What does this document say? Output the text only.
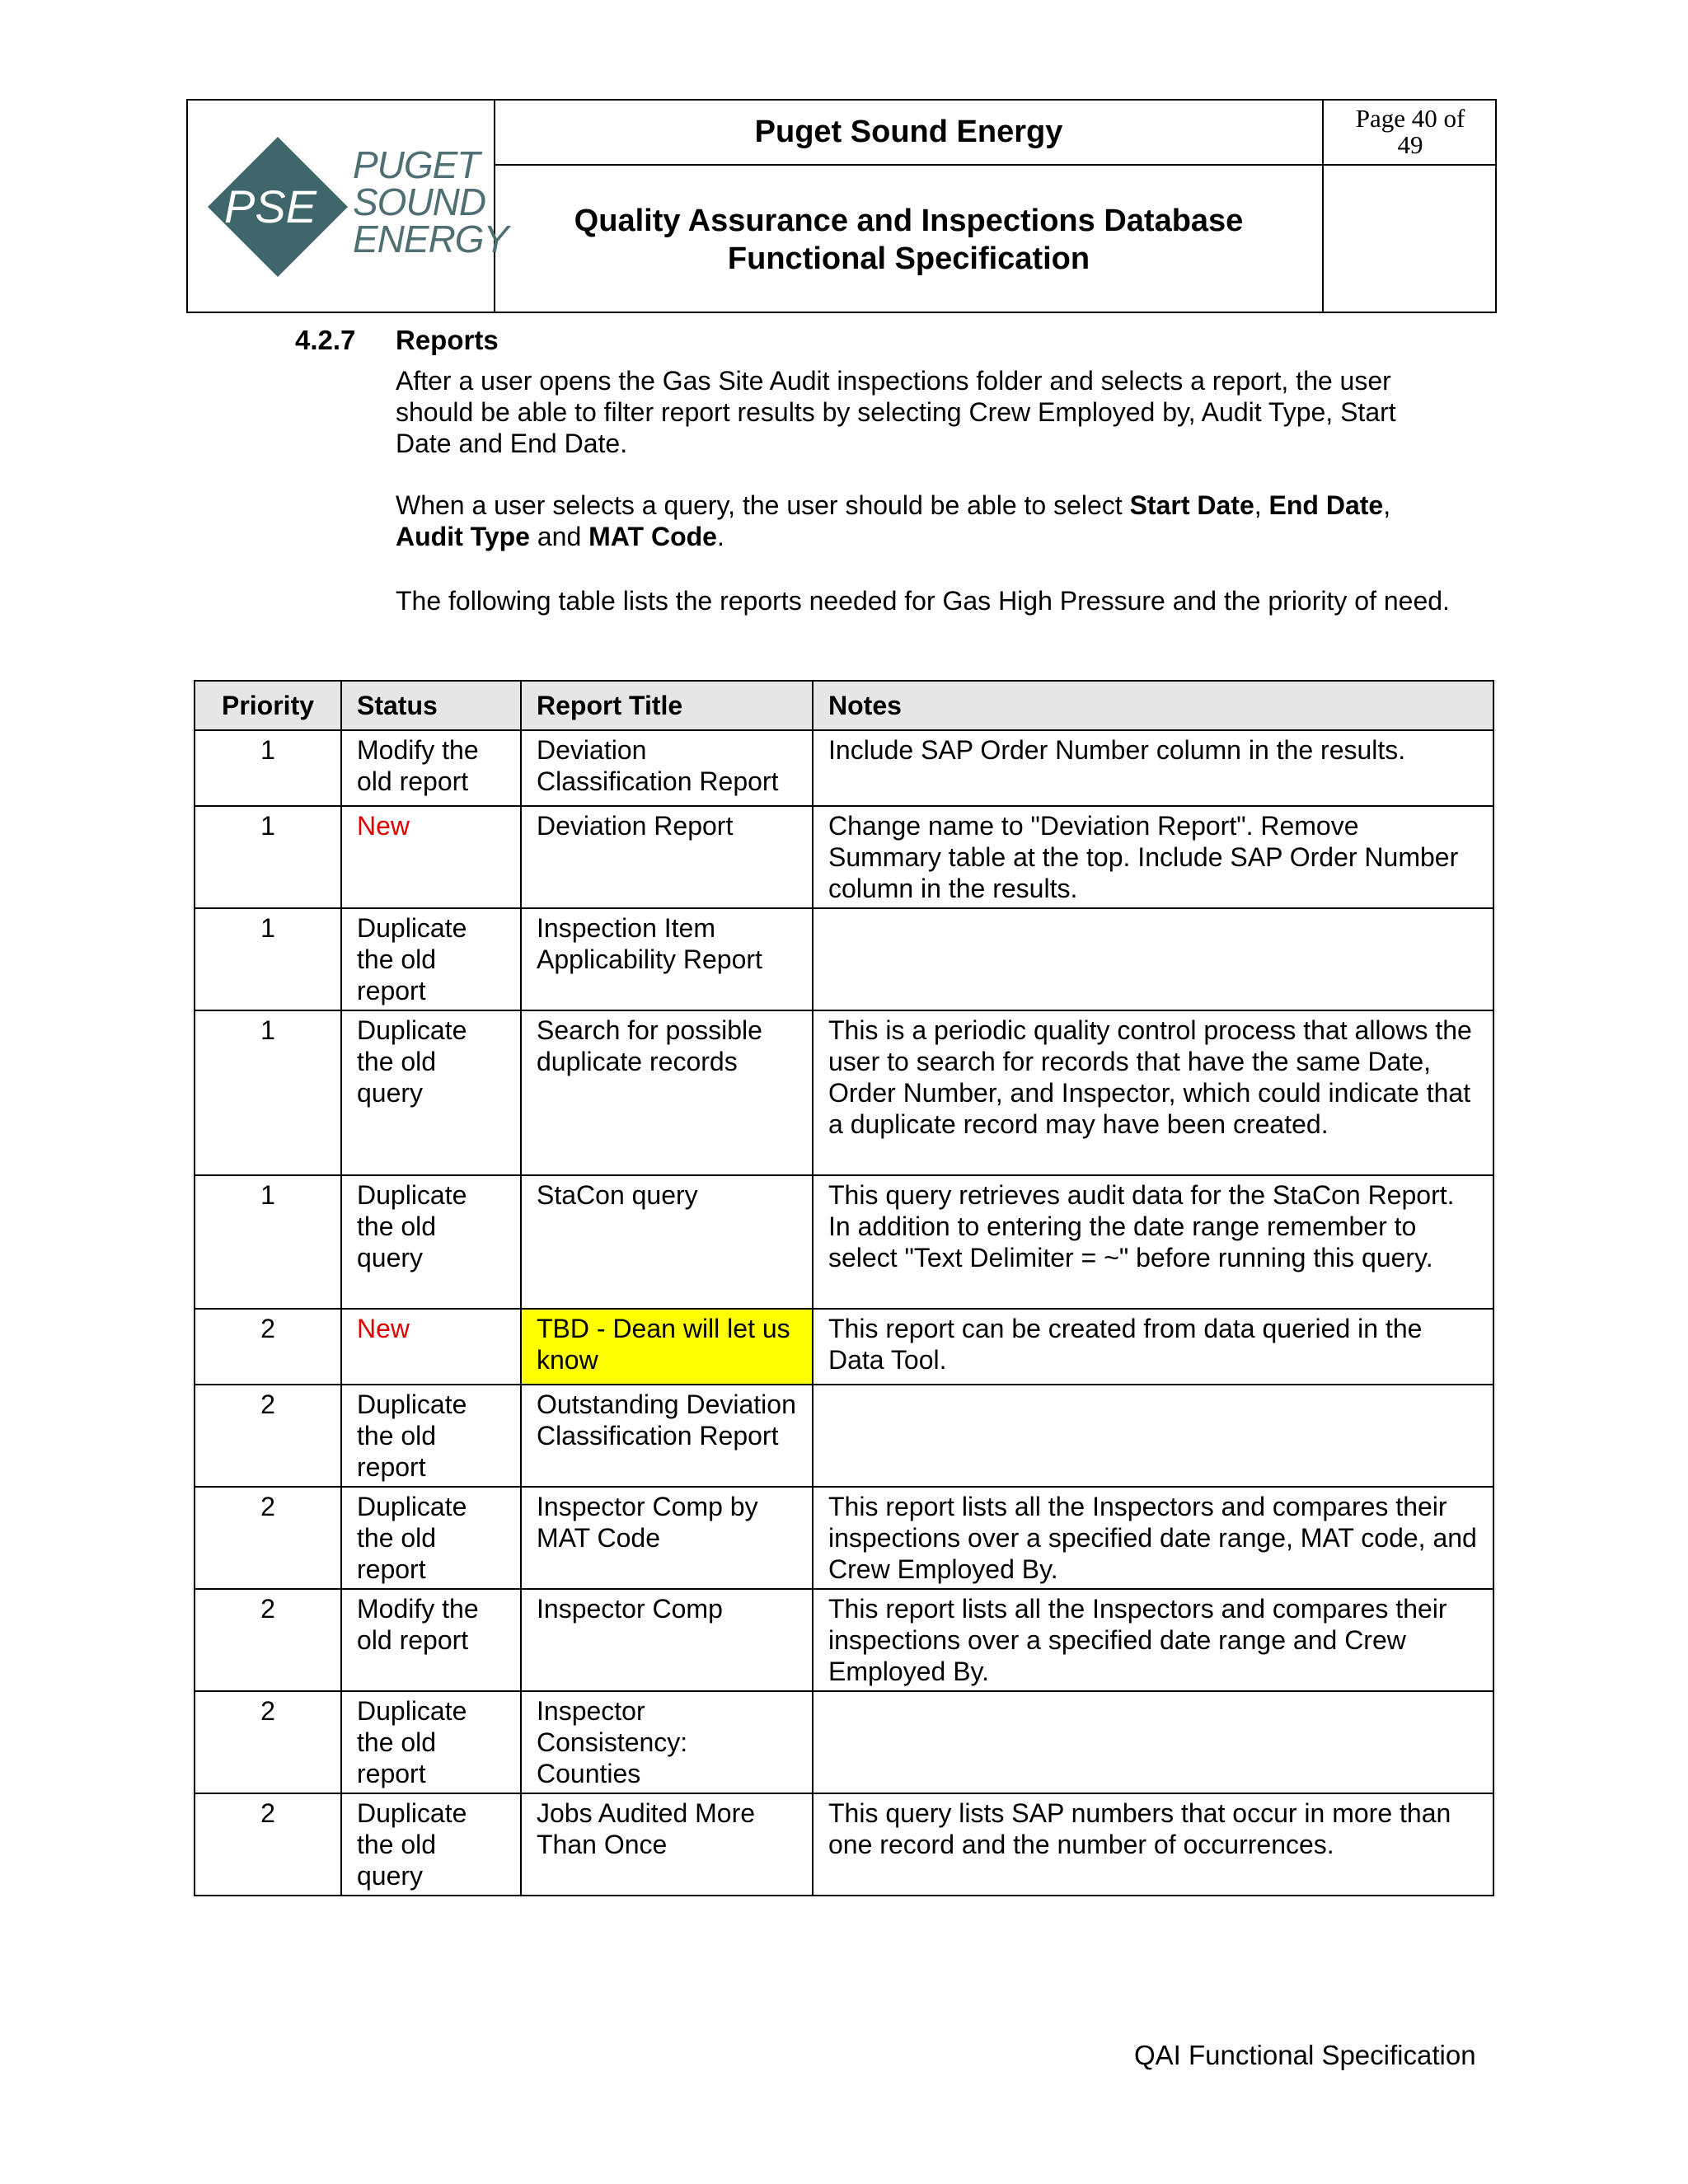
PSE
PUGET
SOUND
ENERGY
Puget Sound Energy
Quality Assurance and Inspections Database
Functional Specification
Page 40 of
49
4.2.7 Reports
After a user opens the Gas Site Audit inspections folder and selects a report, the user should be able to filter report results by selecting Crew Employed by, Audit Type, Start Date and End Date.
When a user selects a query, the user should be able to select Start Date, End Date, Audit Type and MAT Code.
The following table lists the reports needed for Gas High Pressure and the priority of need.
Priority	Status	Report Title	Notes
1	Modify the old report	Deviation Classification Report	Include SAP Order Number column in the results.
1	New	Deviation Report	Change name to "Deviation Report". Remove Summary table at the top. Include SAP Order Number column in the results.
1	Duplicate the old report	Inspection Item Applicability Report	
1	Duplicate the old query	Search for possible duplicate records	This is a periodic quality control process that allows the user to search for records that have the same Date, Order Number, and Inspector, which could indicate that a duplicate record may have been created.
1	Duplicate the old query	StaCon query	This query retrieves audit data for the StaCon Report. In addition to entering the date range remember to select "Text Delimiter = ~" before running this query.
2	New	TBD - Dean will let us know	This report can be created from data queried in the Data Tool.
2	Duplicate the old report	Outstanding Deviation Classification Report	
2	Duplicate the old report	Inspector Comp by MAT Code	This report lists all the Inspectors and compares their inspections over a specified date range, MAT code, and Crew Employed By.
2	Modify the old report	Inspector Comp	This report lists all the Inspectors and compares their inspections over a specified date range and Crew Employed By.
2	Duplicate the old report	Inspector Consistency: Counties	
2	Duplicate the old query	Jobs Audited More Than Once	This query lists SAP numbers that occur in more than one record and the number of occurrences.
QAI Functional Specification
